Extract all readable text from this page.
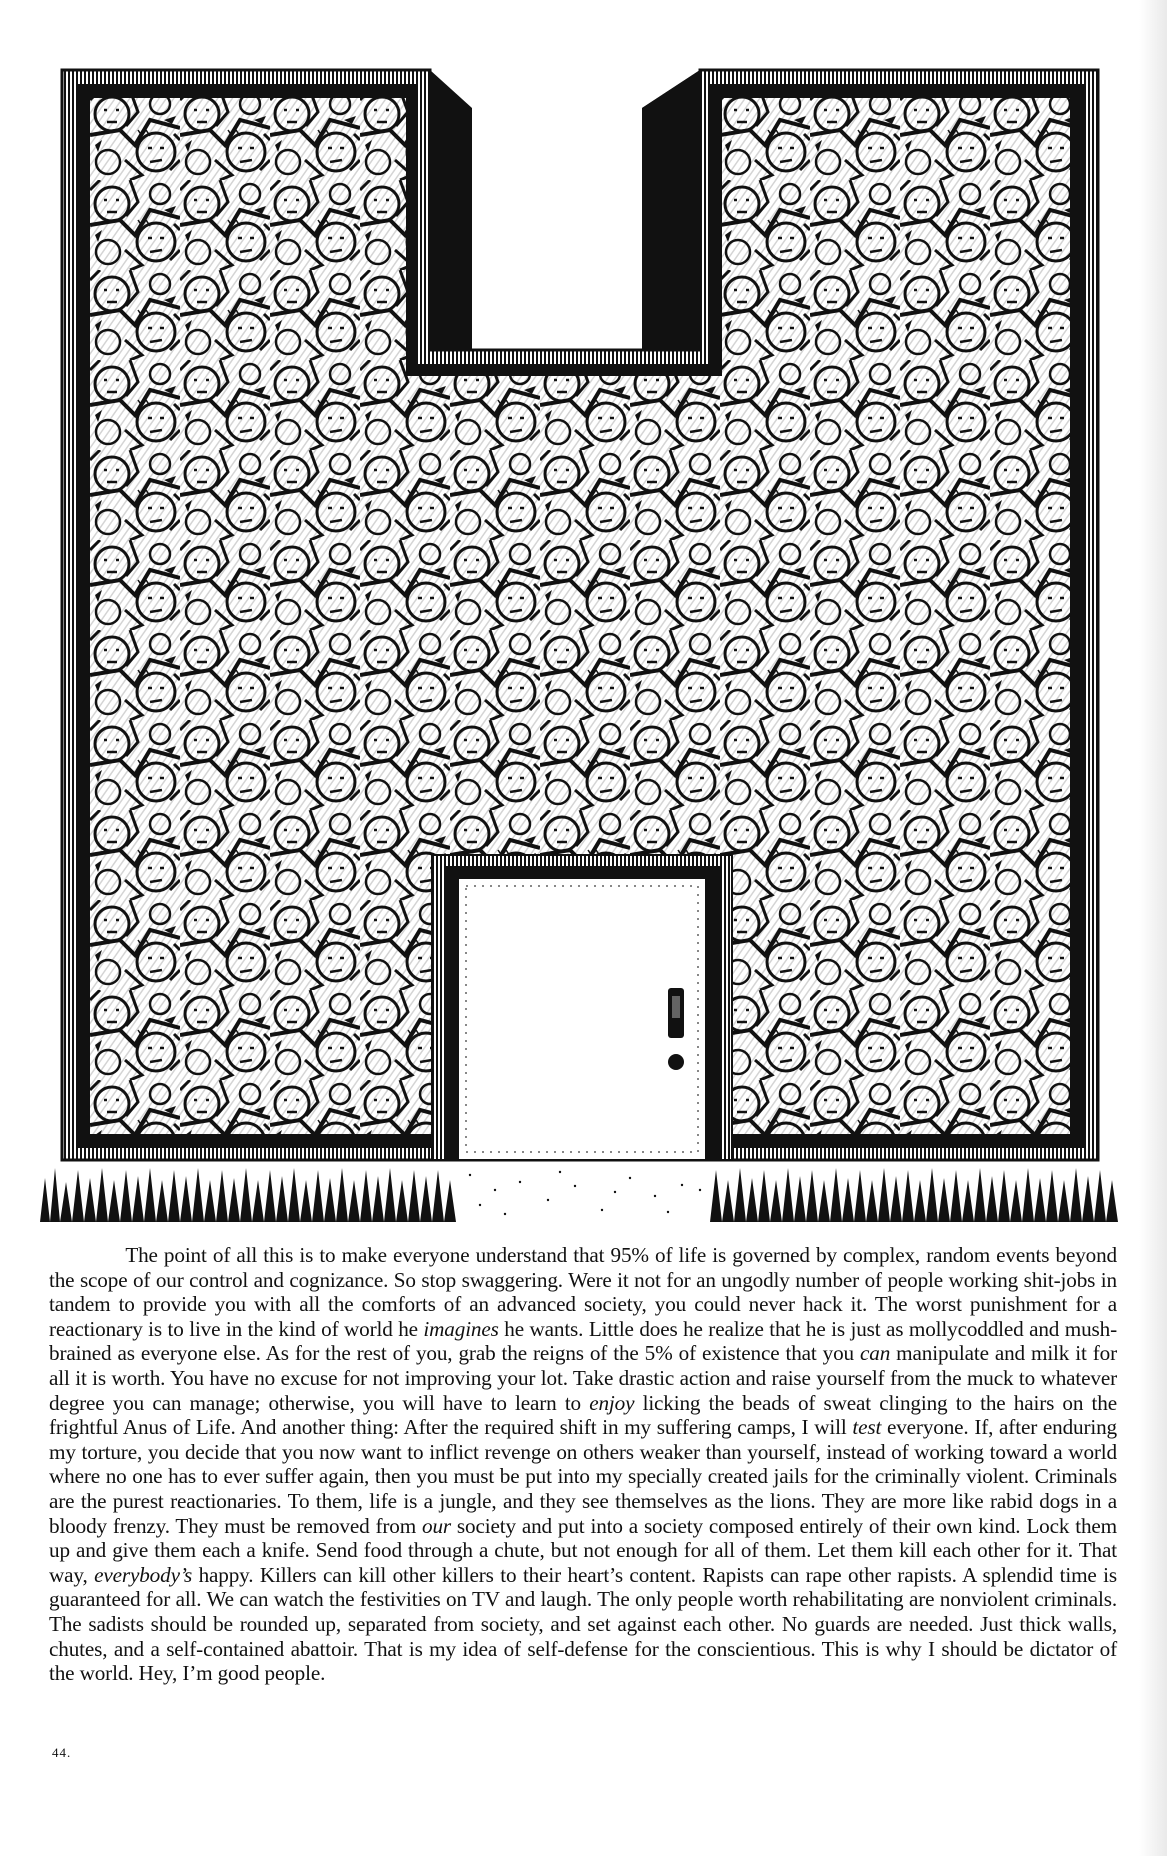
The point of all this is to make everyone understand that 95% of life is governed by complex, random events beyond the scope of our control and cognizance. So stop swaggering. Were it not for an ungodly number of people working shit-jobs in tandem to provide you with all the comforts of an advanced society, you could never hack it. The worst punishment for a reactionary is to live in the kind of world he imagines he wants. Little does he realize that he is just as mollycoddled and mush-brained as everyone else. As for the rest of you, grab the reigns of the 5% of existence that you can manipulate and milk it for all it is worth. You have no excuse for not improving your lot. Take drastic action and raise yourself from the muck to whatever degree you can manage; otherwise, you will have to learn to enjoy licking the beads of sweat clinging to the hairs on the frightful Anus of Life. And another thing: After the required shift in my suffering camps, I will test everyone. If, after enduring my torture, you decide that you now want to inflict revenge on others weaker than yourself, instead of working toward a world where no one has to ever suffer again, then you must be put into my specially created jails for the criminally violent. Criminals are the purest reactionaries. To them, life is a jungle, and they see themselves as the lions. They are more like rabid dogs in a bloody frenzy. They must be removed from our society and put into a society composed entirely of their own kind. Lock them up and give them each a knife. Send food through a chute, but not enough for all of them. Let them kill each other for it. That way, everybody’s happy. Killers can kill other killers to their heart’s content. Rapists can rape other rapists. A splendid time is guaranteed for all. We can watch the festivities on TV and laugh. The only people worth rehabilitating are nonviolent criminals. The sadists should be rounded up, separated from society, and set against each other. No guards are needed. Just thick walls, chutes, and a self-contained abattoir. That is my idea of self-defense for the conscientious. This is why I should be dictator of the world. Hey, I’m good people.

44.
